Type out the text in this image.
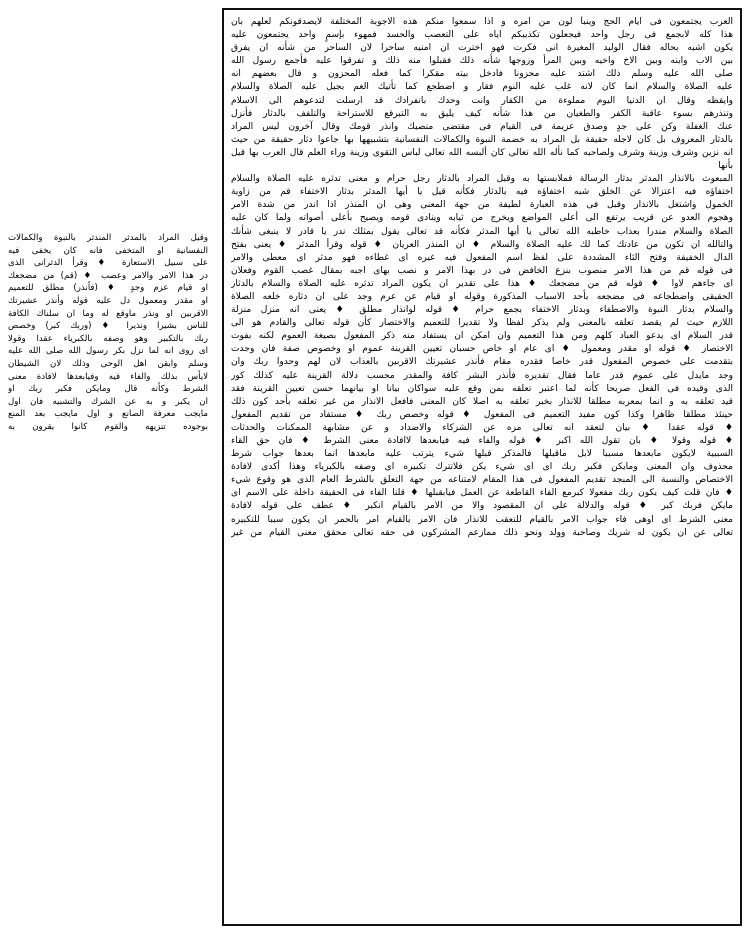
العرب يجتمعون فى ايام الحج وينبأ لون من امره و اذا سمعوا منكم هذه الاجوبة المختلفة لايصدقونكم لعلهم بان

هذا كله لابجمع فى رجل واحد فيجعلون تكذيبكم اياه على التعصب والحسد فمهوء بإسمٍ واحد يجتمعون عليه

يكون اشبه بحاله فقال الوليد المغيرة انى فكرت فهو اخترت ان امنيه ساحرا لان الساحر من شأنه ان يفرق

بين الاب وابنه وبين الاخ واخيه وبين المرأ وزوجها شأنه ذلك فقبلوا منه ذلك و تفرقوا عليه فأجمع رسول الله

صلى الله عليه وسلم ذلك اشتد عليه محزونا فادخل بيته مقكرا كما فعله المحزون و قال بعضهم انه

عليه الصلاة والسلام انما كان لانه غلب عليه النوم فقار و اضطجع كما تأتيك الغم بجيل عليه الصلاة والسلام

وايقظه وقال ان الدنيا اليوم مملوءة من الكفار وانت وحدك بانفرادك قد ارسلت لتدعوهم الى الاسلام

وتنذرهم بسوء عاقبة الكفر والطغيان من هذا شأنه كيف يليق به التبرقع للاستراحة والتلفف بالدثار فأنزل

عنك الغفلة وكن على جدٍ وصدق عزيمة فى القيام فى مقتضى منصبك وانذر قومك وقال آخرون ليس المراد

بالدثار المعروف بل كان لاجله حقيقة بل المراد به خضمة النبوة والكمالات النفسانية بتشبيهها بها جاعوا دثار حقيقة من حيث

انه نزين وشرف وزينة وشرف ولصاحبه كما نأله الله تعالى كان ألبسه الله تعالى لباس التقوى وزينة وراء العلم قال العرب بها قيل بأنها

المبعوث بالانذار المدثر بدثار الرسالة فملابستها به وقبل المراد بالدثار رجل حرام و معنى تدثره عليه الصلاة والسلام

اختفاؤه فيه اعتزالا عن الخلق شبه اختفاؤه فيه بالدثار فكأنه قيل يا أيها المدثر بدثار الاختفاء قم من زاوية

الخمول واشتغل بالانذار وقبل فى هذه العبارة لطيفة من جهة المعنى وهى ان المنذر اذا اندر من شدة الامر

وهجوم العدو عن قريب يرتفع الى أعلى المواضع ويخرج من ثيابه وينادى قومه ويصيح بأعلى أصواته ولما كان عليه

الصلاة والسلام مندرا بعذاب خاطبه الله تعالى يا أيها المدثر فكأنه قد تعالى يقول بمثلك ندر يا قادر لا ينبغى شأنك

والتالله ان تكون من عادتك كما لك عليه الصلاة والسلام ♦ ان المنذر العريان ♦ قوله وقرأ المدثر ♦ يعنى بفتح

الدال الخفيفة وفتح الثاء المشددة على لفظ اسم المفعول فيه غيره اى غطاءه فهو مدثر اى معطى والامر

فى قوله قم من هذا الامر منصوب بنزع الخافض فى در بهذا الامر و نصب بهاى اجبه بمقال غصب القوم وفعلان

اى جاءهم لاوا ♦ قوله قم من مضجعك ♦ هذا على تقدير ان يكون المراد تدثره عليه الصلاة والسلام بالدثار

الحقيقى واضطجاعه فى مضجعه بأحد الاسباب المذكورة وقوله او قيام عن عرم وجد على ان دثاره خلعه الصلاة

والسلام بدثار النبوة والاصطفاء وبدثار الاختفاء بجمع حرام ♦ قوله لوانذار مطلق ♦ يعنى انه منزل منزلة

اللازم حيث لم يقصد تعلقه بالمعنى ولم يذكر لفظا ولا تقديرا للتعميم والاختصار كأن قوله تعالى والقادم هو الى

قدر السلام اى يدعو العباد كلهم ومن هذا التعميم وان امكن ان يستفاد منه ذكر المفعول بصيغة العموم لكنه بفوت

الاختصار ♦ قوله او مقدر ومعمول ♦ اى عام او خاص حسبان تعيين القرينة عموم او وخصوص صفة فان وجدت

بتقدمت على خصوص المفعول قدر خاصا فقدره مقام فأنذر عشيرتك الاقربين بالعذاب لان لهم وحدوا ربك وان

وجد مايدل على عموم قدر عاما فقال تقديره فأنذر البشر كافة والمقدر محسب دلالة القرينة عليه كذلك كور

الذى وقيده فى الفعل صريحا كأنه لما اعتبر تعلقه بمن وقع عليه سواكان بيانا او بيانهما حسن تعيين القرينة فقد

قيد تعلقه به و انما بمعربه مطلقا للانذار بخبر تعلقه به اصلا كان المعنى فافعل الانذار من غير تعلقه بأحد كون ذلك

حينئذ مطلقا ظاهرا وكذا كون مفيد التعميم فى المفعول ♦ قوله وخصص ربك ♦ مستفاد من تقديم المفعول

♦ قوله عقدا ♦ بيان لتعقد انه تعالى مزه عن الشركاء والاضداد و عن مشابهة الممكنات والحدثات

♦ قوله وقولا ♦ بان تقول الله اكبر ♦ قوله والفاء فيه فيابعدها لاافادة معنى الشرط ♦ فان حق القاء

السببية لايكون مابعدها مسببا لابل ماقبلها فالمذكر قبلها شيء يترتب عليه مابعدها انما بعدها جواب شرط

محذوف وان المعنى ومايكن فكبر ربك اى اى شيء يكن فلاتترك تكبيره اى وصفه بالكبرياء وهذا أكدى لافادة

الاختصاص والنسبة الى المبجد تقديم المفعول فى هذا المقام لامتناعه من جهة التعلق بالشرط العام الذى هو وقوع شيء

♦ فان قلت كيف يكون ربك مفعولا كبرمع الفاء القاطعة عن العمل فيابقبلها ♦ قلنا الفاء فى الحقيقة داخلة على الاسم اى

مايكن فربك كبر ♦ قوله والدلالة على ان المقصود والا من الامر بالقيام انكبر ♦ عطف على قوله لافادة

معنى الشرط اى اوهى فاء جواب الامر بالقيام للتعقب للانذار فان الامر بالقيام امر بالحمر ان يكون سببا للتكبيره

تعالى عن ان يكون له شريك وصاحبة وولد ونحو ذلك ممازعم المشركون فى حقه تعالى محقق معنى القيام من غير

وقيل المراد بالمدثر المندثر بالنبوة والكمالات

النفسانية او المتخفى فانه كان يخفى فيه

على سبيل الاستعارة ♦ وقرأ الدثرانى الذى

در هذا الامر والامر وعصب ♦ (قم) من مضجعك

او قيام عزم وجدٍ ♦ (فأنذر) مطلق للتعميم

او مقدر ومعمول دل عليه قوله وأنذر عشيرتك

الاقربين او ونذر ماوقع له وما ان سلناك الكافة

للناس بشيرا ونذيرا ♦ (وربك كبر) وخصص

ربك بالتكبير وهو وصفه بالكبرياء عقدا وقولا

اى روى انه لما نزل بكر رسول الله صلى الله عليه

وسلم وايقن اهل الوحى وذلك لان الشيطان

لايأس بذلك والفاء فيه وفيابعدها لافادة معنى

الشرط وكأنه قال ومايكن فكبر ربك او

ان يكبر و به عن الشرك والتشبيه فان اول

مايجب معرفة الصانع و اول مايجب بعد المنع

بوجوده تنزيهه والقوم كانوا يقرون به
